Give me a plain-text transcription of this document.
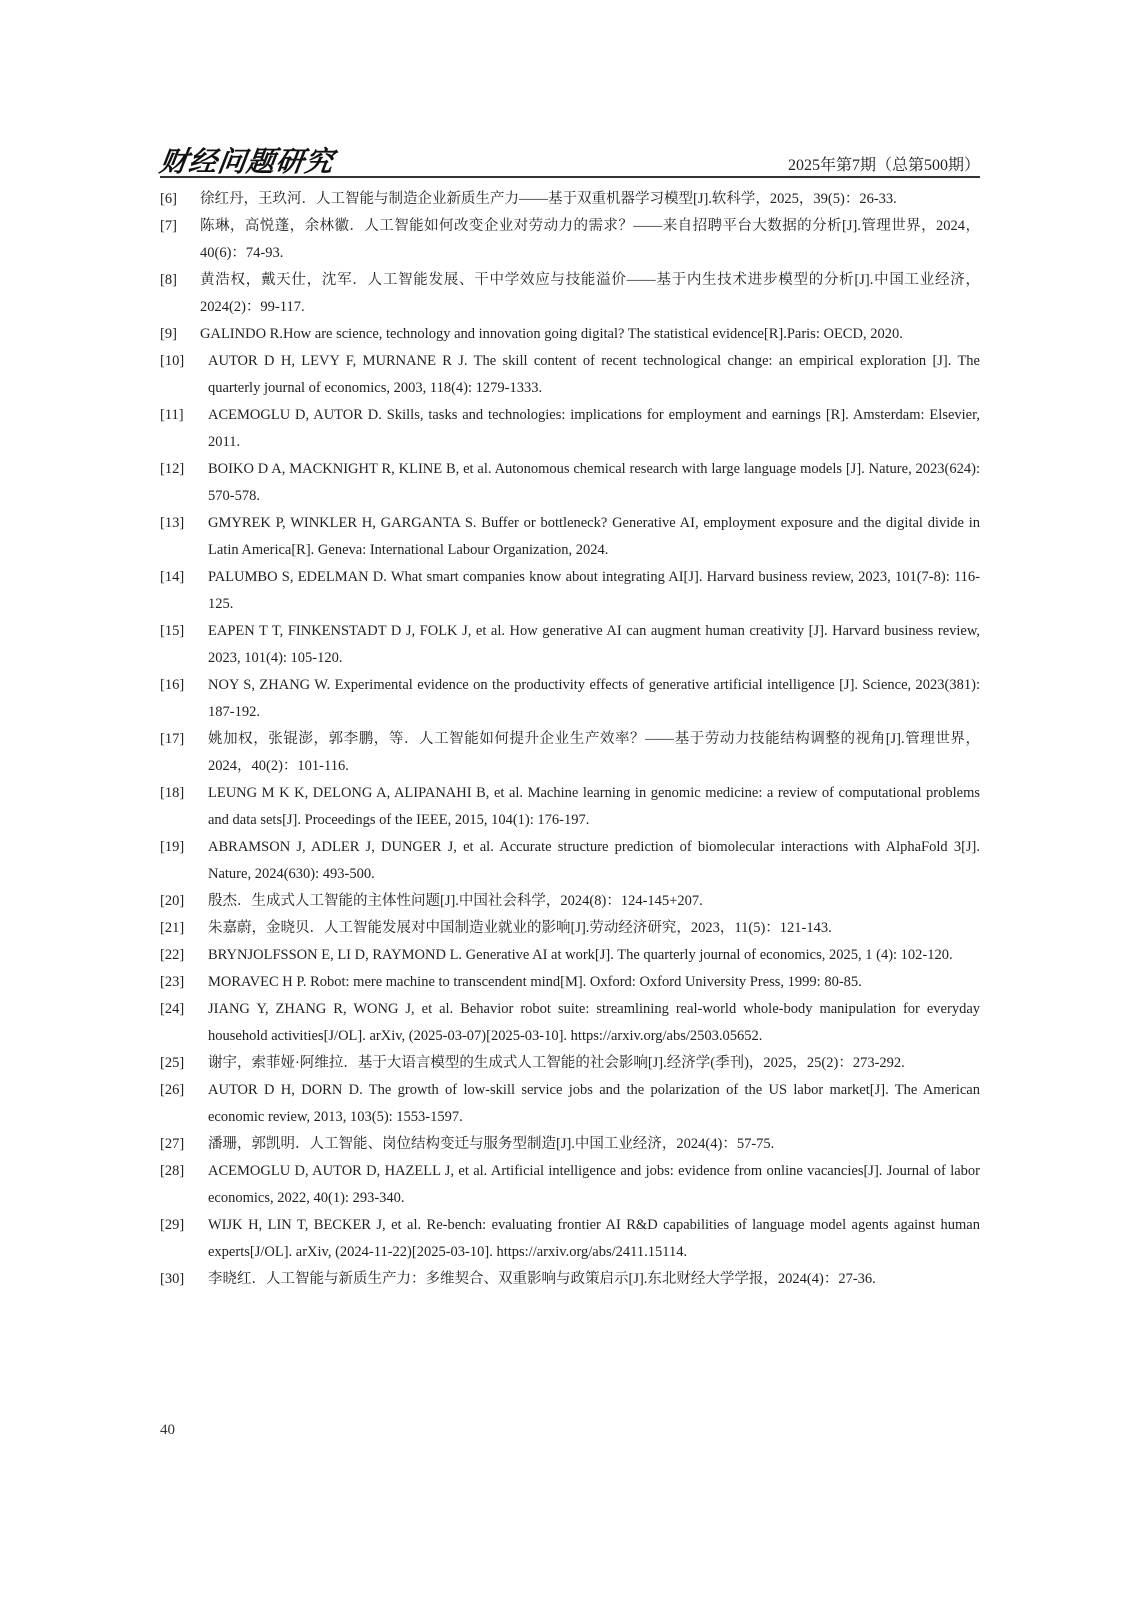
财经问题研究	2025年第7期（总第500期）
[6]	徐红丹，王玖河．人工智能与制造企业新质生产力——基于双重机器学习模型[J].软科学，2025，39(5)：26-33.
[7]	陈琳，高悦蓬，余林徽．人工智能如何改变企业对劳动力的需求？——来自招聘平台大数据的分析[J].管理世界，2024，40(6)：74-93.
[8]	黄浩权，戴天仕，沈军．人工智能发展、干中学效应与技能溢价——基于内生技术进步模型的分析[J].中国工业经济，2024(2)：99-117.
[9]	GALINDO R.How are science, technology and innovation going digital? The statistical evidence[R].Paris: OECD, 2020.
[10]	AUTOR D H, LEVY F, MURNANE R J. The skill content of recent technological change: an empirical exploration [J]. The quarterly journal of economics, 2003, 118(4): 1279-1333.
[11]	ACEMOGLU D, AUTOR D. Skills, tasks and technologies: implications for employment and earnings [R]. Amsterdam: Elsevier, 2011.
[12]	BOIKO D A, MACKNIGHT R, KLINE B, et al. Autonomous chemical research with large language models [J]. Nature, 2023(624): 570-578.
[13]	GMYREK P, WINKLER H, GARGANTA S. Buffer or bottleneck? Generative AI, employment exposure and the digital divide in Latin America[R]. Geneva: International Labour Organization, 2024.
[14]	PALUMBO S, EDELMAN D. What smart companies know about integrating AI[J]. Harvard business review, 2023, 101(7-8): 116-125.
[15]	EAPEN T T, FINKENSTADT D J, FOLK J, et al. How generative AI can augment human creativity [J]. Harvard business review, 2023, 101(4): 105-120.
[16]	NOY S, ZHANG W. Experimental evidence on the productivity effects of generative artificial intelligence [J]. Science, 2023(381): 187-192.
[17]	姚加权，张锟澎，郭李鹏，等．人工智能如何提升企业生产效率？——基于劳动力技能结构调整的视角[J].管理世界，2024，40(2)：101-116.
[18]	LEUNG M K K, DELONG A, ALIPANAHI B, et al. Machine learning in genomic medicine: a review of computational problems and data sets[J]. Proceedings of the IEEE, 2015, 104(1): 176-197.
[19]	ABRAMSON J, ADLER J, DUNGER J, et al. Accurate structure prediction of biomolecular interactions with AlphaFold 3[J]. Nature, 2024(630): 493-500.
[20]	殷杰．生成式人工智能的主体性问题[J].中国社会科学，2024(8)：124-145+207.
[21]	朱嘉蔚，金晓贝．人工智能发展对中国制造业就业的影响[J].劳动经济研究，2023，11(5)：121-143.
[22]	BRYNJOLFSSON E, LI D, RAYMOND L. Generative AI at work[J]. The quarterly journal of economics, 2025, 1 (4): 102-120.
[23]	MORAVEC H P. Robot: mere machine to transcendent mind[M]. Oxford: Oxford University Press, 1999: 80-85.
[24]	JIANG Y, ZHANG R, WONG J, et al. Behavior robot suite: streamlining real-world whole-body manipulation for everyday household activities[J/OL]. arXiv, (2025-03-07)[2025-03-10]. https://arxiv.org/abs/2503.05652.
[25]	谢宇，索菲娅·阿维拉．基于大语言模型的生成式人工智能的社会影响[J].经济学(季刊)，2025，25(2)：273-292.
[26]	AUTOR D H, DORN D. The growth of low-skill service jobs and the polarization of the US labor market[J]. The American economic review, 2013, 103(5): 1553-1597.
[27]	潘珊，郭凯明．人工智能、岗位结构变迁与服务型制造[J].中国工业经济，2024(4)：57-75.
[28]	ACEMOGLU D, AUTOR D, HAZELL J, et al. Artificial intelligence and jobs: evidence from online vacancies[J]. Journal of labor economics, 2022, 40(1): 293-340.
[29]	WIJK H, LIN T, BECKER J, et al. Re-bench: evaluating frontier AI R&D capabilities of language model agents against human experts[J/OL]. arXiv, (2024-11-22)[2025-03-10]. https://arxiv.org/abs/2411.15114.
[30]	李晓红．人工智能与新质生产力：多维契合、双重影响与政策启示[J].东北财经大学学报，2024(4)：27-36.
40
